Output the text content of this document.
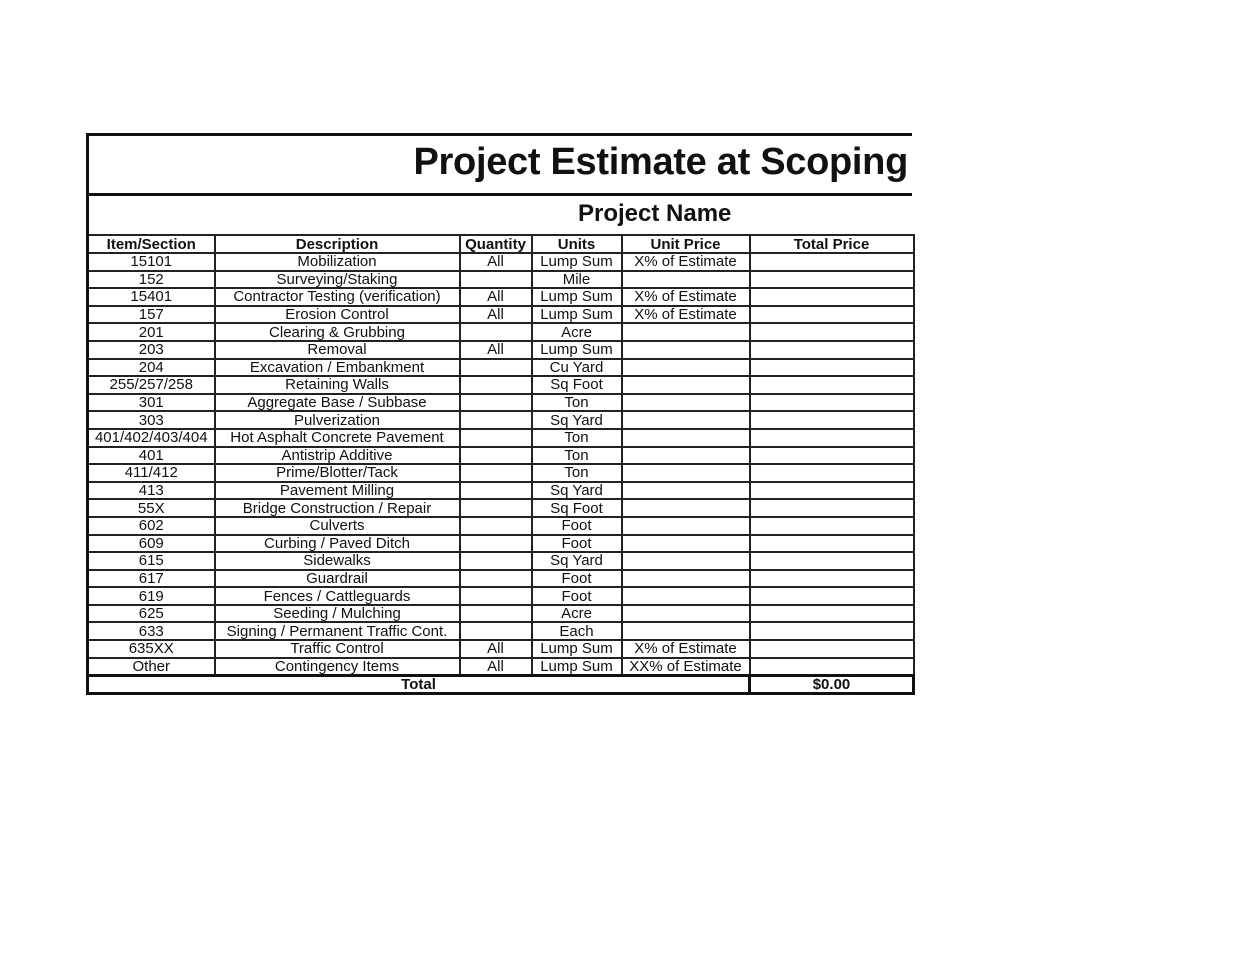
Project Estimate at Scoping
Project Name
Item/Section	Description	Quantity	Units	Unit Price	Total Price
15101	Mobilization	All	Lump Sum	X% of Estimate	
152	Surveying/Staking		Mile		
15401	Contractor Testing (verification)	All	Lump Sum	X% of Estimate	
157	Erosion Control	All	Lump Sum	X% of Estimate	
201	Clearing & Grubbing		Acre		
203	Removal	All	Lump Sum		
204	Excavation / Embankment		Cu Yard		
255/257/258	Retaining Walls		Sq Foot		
301	Aggregate Base / Subbase		Ton		
303	Pulverization		Sq Yard		
401/402/403/404	Hot Asphalt Concrete Pavement		Ton		
401	Antistrip Additive		Ton		
411/412	Prime/Blotter/Tack		Ton		
413	Pavement Milling		Sq Yard		
55X	Bridge Construction / Repair		Sq Foot		
602	Culverts		Foot		
609	Curbing / Paved Ditch		Foot		
615	Sidewalks		Sq Yard		
617	Guardrail		Foot		
619	Fences / Cattleguards		Foot		
625	Seeding / Mulching		Acre		
633	Signing / Permanent Traffic Cont.		Each		
635XX	Traffic Control	All	Lump Sum	X% of Estimate	
Other	Contingency Items	All	Lump Sum	XX% of Estimate	
Total					$0.00
